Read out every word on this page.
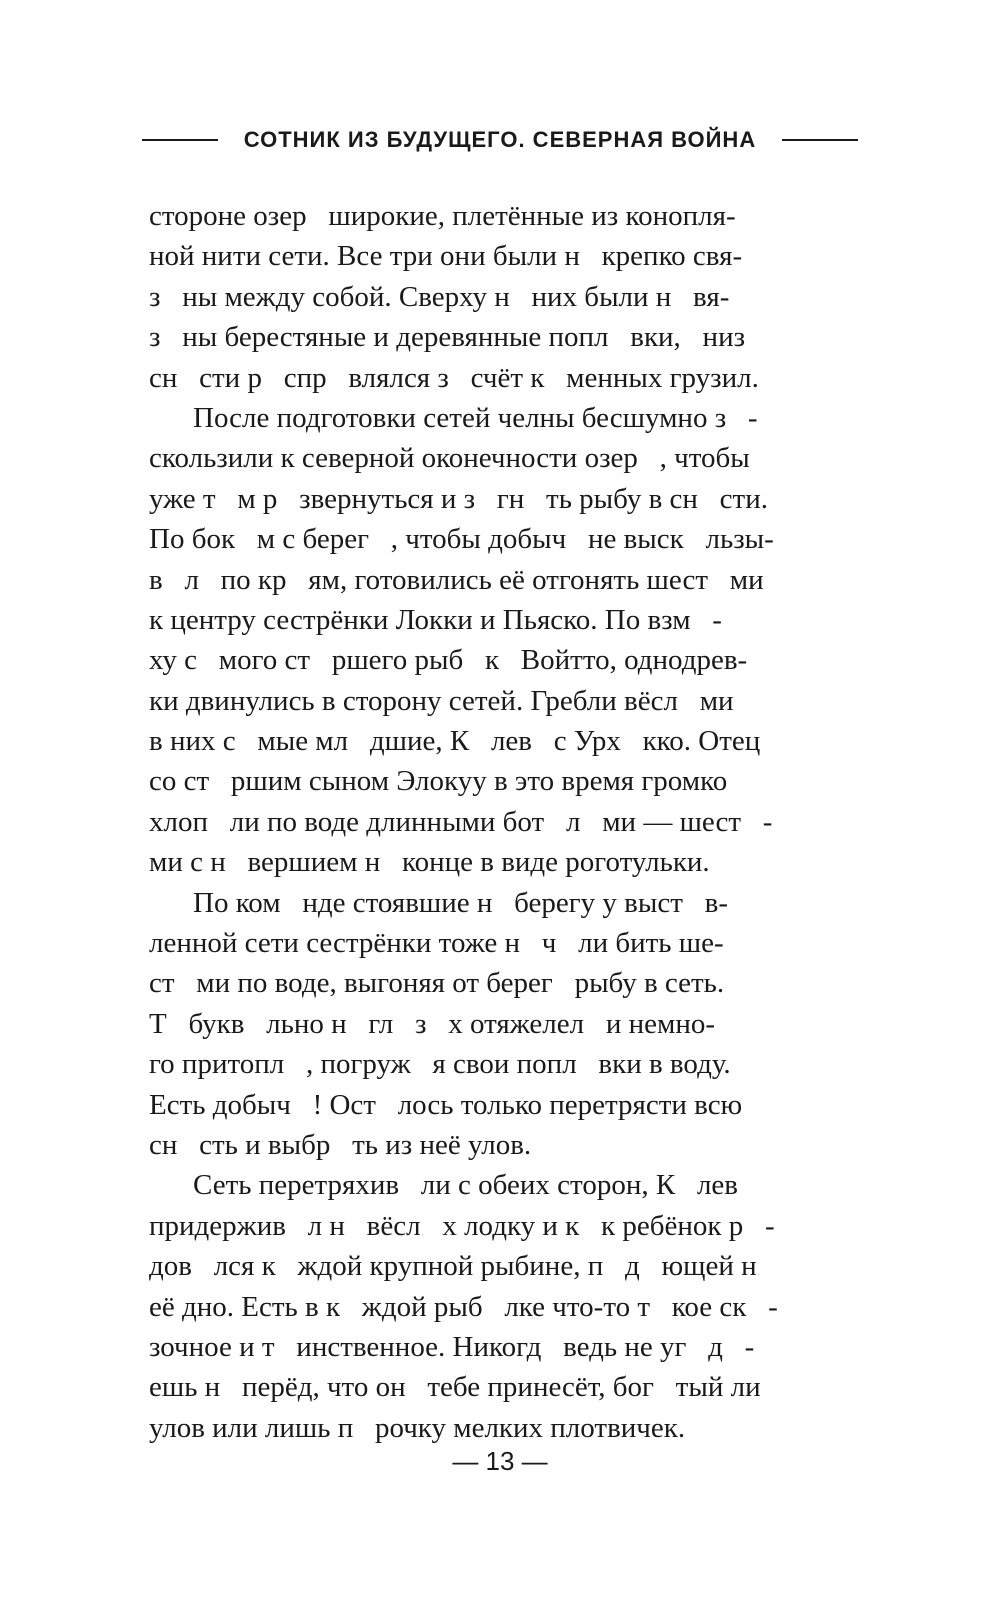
СОТНИК ИЗ БУДУЩЕГО. СЕВЕРНАЯ ВОЙНА
стороне озер   широкие, плетённые из конопля-
ной нити сети. Все три они были н   крепко свя-
з   ны между собой. Сверху н   них были н   вя-
з   ны берестяные и деревянные попл   вки,   низ
сн   сти р   спр   влялся з   счёт к   менных грузил.
После подготовки сетей челны бесшумно з   -
скользили к северной оконечности озер   , чтобы
уже т   м р   звернуться и з   гн   ть рыбу в сн   сти.
По бок   м с берег   , чтобы добыч   не выск   льзы-
в   л   по кр   ям, готовились её отгонять шест   ми
к центру сестрёнки Локки и Пьяско. По взм   -
ху с   мого ст   ршего рыб   к   Войтто, однодрев-
ки двинулись в сторону сетей. Гребли вёсл   ми
в них с   мые мл   дшие, К   лев   с Урх   кко. Отец
со ст   ршим сыном Элокуу в это время громко
хлоп   ли по воде длинными бот   л   ми — шест   -
ми с н   вершием н   конце в виде роготульки.
По ком   нде стоявшие н   берегу у выст   в-
ленной сети сестрёнки тоже н   ч   ли бить ше-
ст   ми по воде, выгоняя от берег   рыбу в сеть.
Т   букв   льно н   гл   з   х отяжелел   и немно-
го притопл   , погруж   я свои попл   вки в воду.
Есть добыч   ! Ост   лось только перетрясти всю
сн   сть и выбр   ть из неё улов.
Сеть перетряхив   ли с обеих сторон, К   лев
придержив   л н   вёсл   х лодку и к   к ребёнок р   -
дов   лся к   ждой крупной рыбине, п   д   ющей н
её дно. Есть в к   ждой рыб   лке что-то т   кое ск   -
зочное и т   инственное. Никогд   ведь не уг   д   -
ешь н   перёд, что он   тебе принесёт, бог   тый ли
улов или лишь п   рочку мелких плотвичек.
— 13 —
